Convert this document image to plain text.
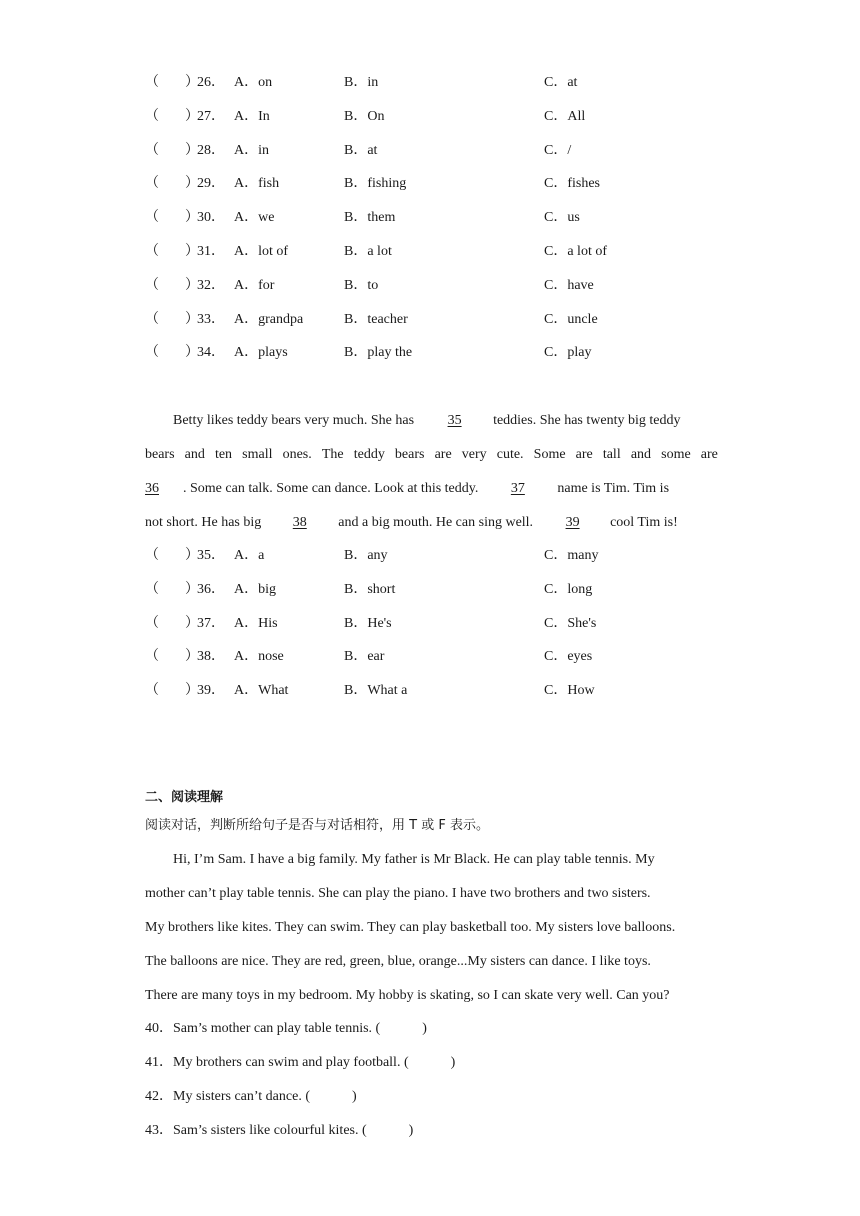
（ ）
26． A．on	B．in	C．at
（ ）
27． A．In	B．On	C．All
（ ）
28． A．in	B．at	C．/
（ ）
29． A．fish	B．fishing	C．fishes
（ ）
30． A．we	B．them	C．us
（ ）
31． A．lot of	B．a lot	C．a lot of
（ ）
32． A．for	B．to	C．have
（ ）
33． A．grandpa	B．teacher	C．uncle
（ ）
34． A．plays	B．play the	C．play
Betty likes teddy bears very much. She has 35 teddies. She has twenty big teddy
bears and ten small ones. The teddy bears are very cute. Some are tall and some are
36 . Some can talk. Some can dance. Look at this teddy. 37 name is Tim. Tim is
not short. He has big 38 and a big mouth. He can sing well. 39 cool Tim is!
（ ）
35． A．a	B．any	C．many
（ ）
36． A．big	B．short	C．long
（ ）
37． A．His	B．He's	C．She's
（ ）
38． A．nose	B．ear	C．eyes
（ ）
39． A．What	B．What a	C．How
二、阅读理解
阅读对话，判断所给句子是否与对话相符，用 T 或 F 表示。
Hi, I’m Sam. I have a big family. My father is Mr Black. He can play table tennis. My
mother can’t play table tennis. She can play the piano. I have two brothers and two sisters.
My brothers like kites. They can swim. They can play basketball too. My sisters love balloons.
The balloons are nice. They are red, green, blue, orange...My sisters can dance. I like toys.
There are many toys in my bedroom. My hobby is skating, so I can skate very well. Can you?
40．Sam’s mother can play table tennis. (　　　)
41．My brothers can swim and play football. (　　　)
42．My sisters can’t dance. (　　　)
43．Sam’s sisters like colourful kites. (　　　)
